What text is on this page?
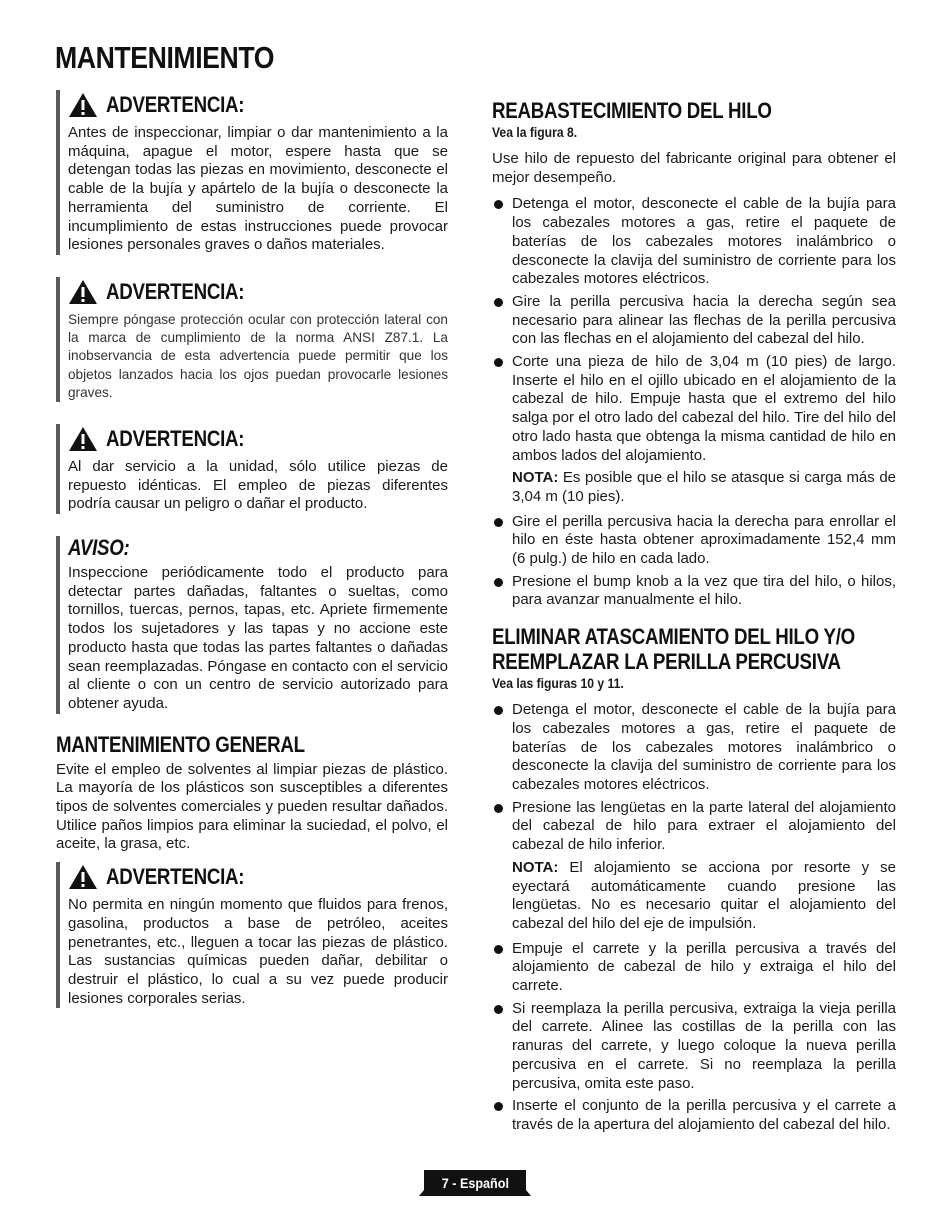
MANTENIMIENTO
ADVERTENCIA:

Antes de inspeccionar, limpiar o dar mantenimiento a la máquina, apague el motor, espere hasta que se detengan todas las piezas en movimiento, desconecte el cable de la bujía y apártelo de la bujía o desconecte la herramienta del suministro de corriente. El incumplimiento de estas instrucciones puede provocar lesiones personales graves o daños materiales.

ADVERTENCIA:

Siempre póngase protección ocular con protección lateral con la marca de cumplimiento de la norma ANSI Z87.1. La inobservancia de esta advertencia puede permitir que los objetos lanzados hacia los ojos puedan provocarle lesiones graves.

ADVERTENCIA:

Al dar servicio a la unidad, sólo utilice piezas de repuesto idénticas. El empleo de piezas diferentes podría causar un peligro o dañar el producto.

AVISO:

Inspeccione periódicamente todo el producto para detectar partes dañadas, faltantes o sueltas, como tornillos, tuercas, pernos, tapas, etc. Apriete firmemente todos los sujetadores y las tapas y no accione este producto hasta que todas las partes faltantes o dañadas sean reemplazadas. Póngase en contacto con el servicio al cliente o con un centro de servicio autorizado para obtener ayuda.

MANTENIMIENTO GENERAL

Evite el empleo de solventes al limpiar piezas de plástico. La mayoría de los plásticos son susceptibles a diferentes tipos de solventes comerciales y pueden resultar dañados. Utilice paños limpios para eliminar la suciedad, el polvo, el aceite, la grasa, etc.

ADVERTENCIA:

No permita en ningún momento que fluidos para frenos, gasolina, productos a base de petróleo, aceites penetrantes, etc., lleguen a tocar las piezas de plástico. Las sustancias químicas pueden dañar, debilitar o destruir el plástico, lo cual a su vez puede producir lesiones corporales serias.

REABASTECIMIENTO DEL HILO
Vea la figura 8.

Use hilo de repuesto del fabricante original para obtener el mejor desempeño.

Detenga el motor, desconecte el cable de la bujía para los cabezales motores a gas, retire el paquete de baterías de los cabezales motores inalámbrico o desconecte la clavija del suministro de corriente para los cabezales motores eléctricos.
Gire la perilla percusiva hacia la derecha según sea necesario para alinear las flechas de la perilla percusiva con las flechas en el alojamiento del cabezal del hilo.
Corte una pieza de hilo de 3,04 m (10 pies) de largo. Inserte el hilo en el ojillo ubicado en el alojamiento de la cabezal de hilo. Empuje hasta que el extremo del hilo salga por el otro lado del cabezal del hilo. Tire del hilo del otro lado hasta que obtenga la misma cantidad de hilo en ambos lados del alojamiento.

NOTA: Es posible que el hilo se atasque si carga más de 3,04 m (10 pies).

Gire el perilla percusiva hacia la derecha para enrollar el hilo en éste hasta obtener aproximadamente 152,4 mm (6 pulg.) de hilo en cada lado.
Presione el bump knob a la vez que tira del hilo, o hilos, para avanzar manualmente el hilo.
ELIMINAR ATASCAMIENTO DEL HILO Y/O
REEMPLAZAR LA PERILLA PERCUSIVA
Vea las figuras 10 y 11.
Detenga el motor, desconecte el cable de la bujía para los cabezales motores a gas, retire el paquete de baterías de los cabezales motores inalámbrico o desconecte la clavija del suministro de corriente para los cabezales motores eléctricos.
Presione las lengüetas en la parte lateral del alojamiento del cabezal de hilo para extraer el alojamiento del cabezal de hilo inferior.

NOTA: El alojamiento se acciona por resorte y se eyectará automáticamente cuando presione las lengüetas. No es necesario quitar el alojamiento del cabezal del hilo del eje de impulsión.

Empuje el carrete y la perilla percusiva a través del alojamiento de cabezal de hilo y extraiga el hilo del carrete.
Si reemplaza la perilla percusiva, extraiga la vieja perilla del carrete. Alinee las costillas de la perilla con las ranuras del carrete, y luego coloque la nueva perilla percusiva en el carrete. Si no reemplaza la perilla percusiva, omita este paso.
Inserte el conjunto de la perilla percusiva y el carrete a través de la apertura del alojamiento del cabezal del hilo.
7 - Español
